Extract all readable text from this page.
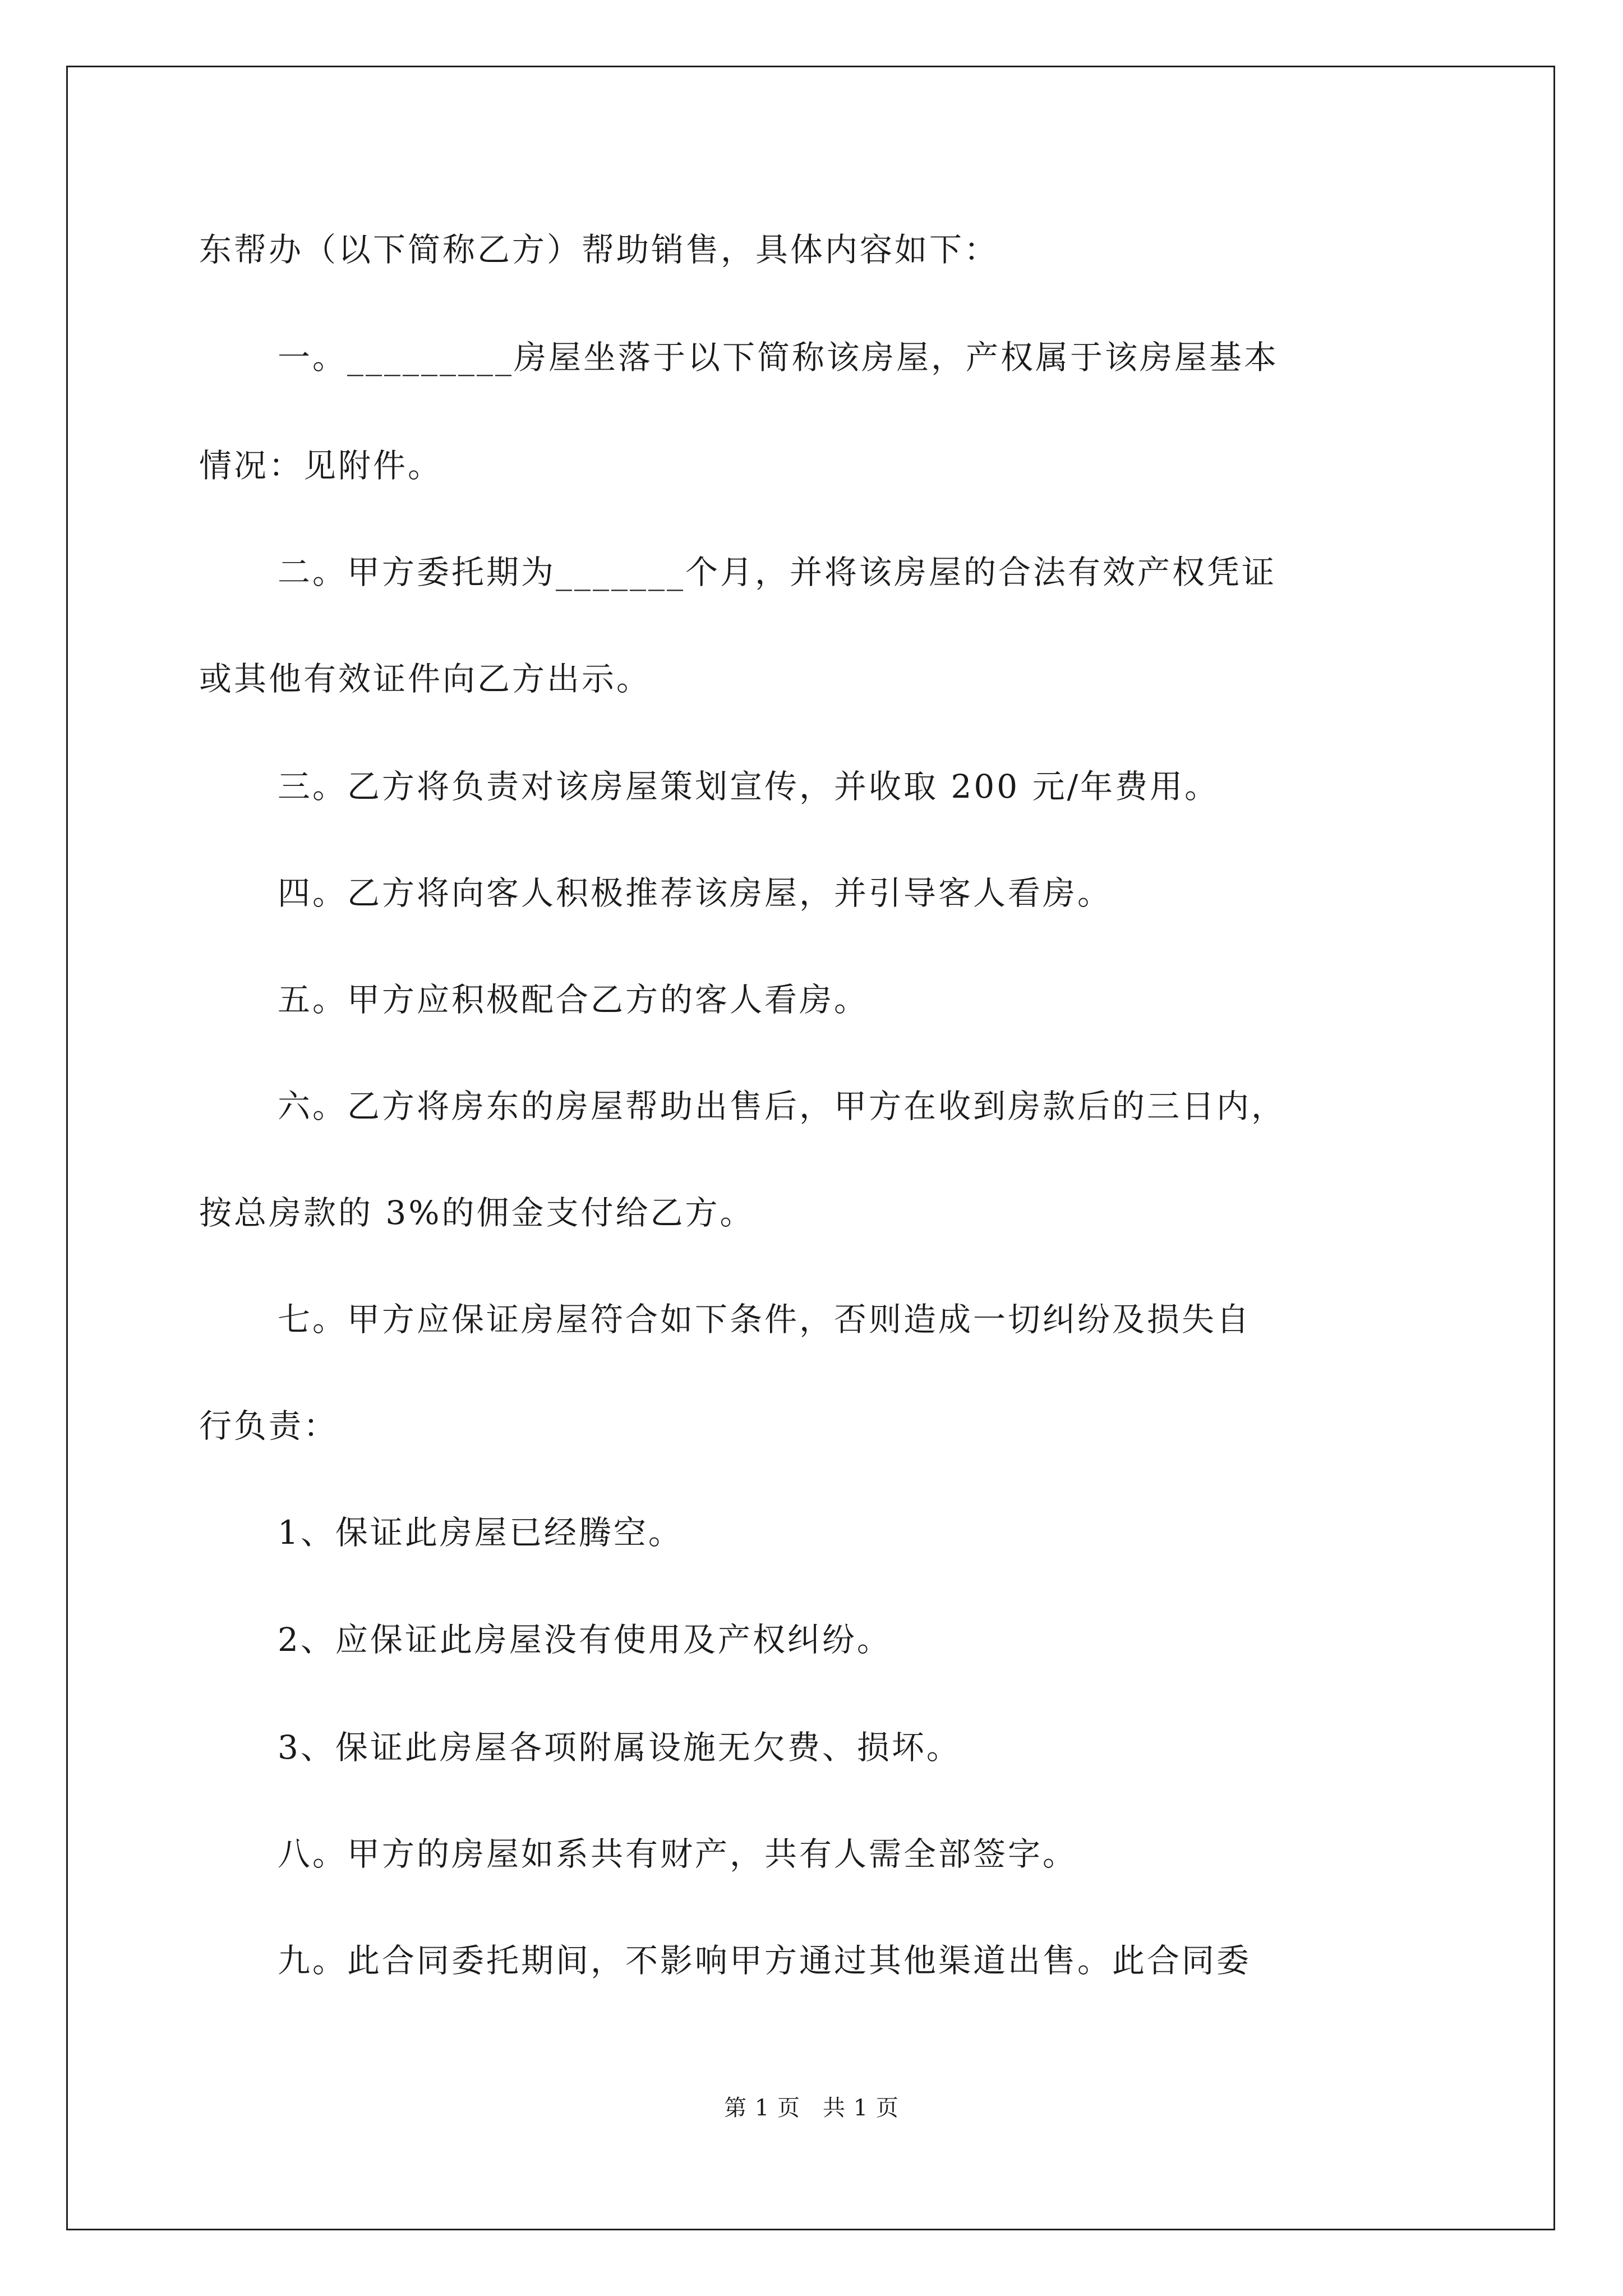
东帮办（以下简称乙方）帮助销售，具体内容如下：
一。_________房屋坐落于以下简称该房屋，产权属于该房屋基本
情况：见附件。
二。甲方委托期为_______个月，并将该房屋的合法有效产权凭证
或其他有效证件向乙方出示。
三。乙方将负责对该房屋策划宣传，并收取 200 元/年费用。
四。乙方将向客人积极推荐该房屋，并引导客人看房。
五。甲方应积极配合乙方的客人看房。
六。乙方将房东的房屋帮助出售后，甲方在收到房款后的三日内，
按总房款的 3%的佣金支付给乙方。
七。甲方应保证房屋符合如下条件，否则造成一切纠纷及损失自
行负责：
1、保证此房屋已经腾空。
2、应保证此房屋没有使用及产权纠纷。
3、保证此房屋各项附属设施无欠费、损坏。
八。甲方的房屋如系共有财产，共有人需全部签字。
九。此合同委托期间，不影响甲方通过其他渠道出售。此合同委
第 1 页 共 1 页
